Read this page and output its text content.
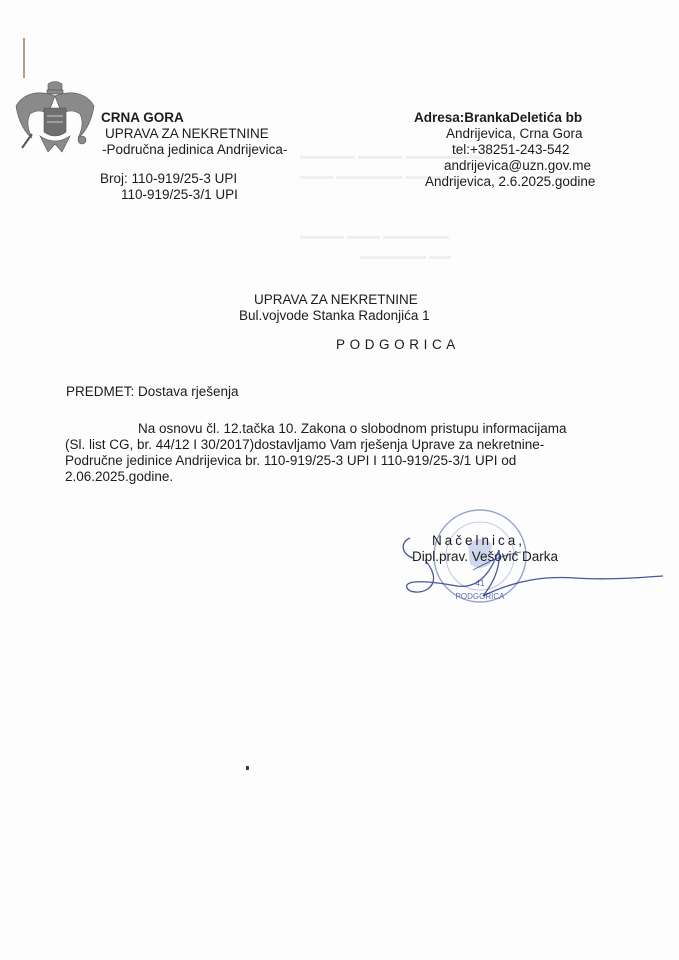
▬▬▬▬▬ ▬▬▬▬ ▬▬▬▬▬▬▬
▬▬▬ ▬▬▬▬▬▬ ▬▬▬▬
▬▬▬▬ ▬▬▬ ▬▬▬▬▬▬
▬▬▬▬▬▬ ▬▬
CRNA GORA
UPRAVA ZA NEKRETNINE
-Područna jedinica Andrijevica-
Broj: 110-919/25-3 UPI
110-919/25-3/1 UPI
Adresa:BrankaDeletića bb
Andrijevica, Crna Gora
tel:+38251-243-542
andrijevica@uzn.gov.me
Andrijevica, 2.6.2025.godine
UPRAVA ZA NEKRETNINE
Bul.vojvode Stanka Radonjića 1
PODGORICA
PREDMET: Dostava rješenja
Na osnovu čl. 12.tačka 10. Zakona o slobodnom pristupu informacijama
(Sl. list CG, br. 44/12 I 30/2017)dostavljamo Vam rješenja Uprave za nekretnine-
Područne jedinice Andrijevica br. 110-919/25-3 UPI I 110-919/25-3/1 UPI od
2.06.2025.godine.
41
PODGORICA
Načelnica,
Dipl.prav. Vešović Darka
